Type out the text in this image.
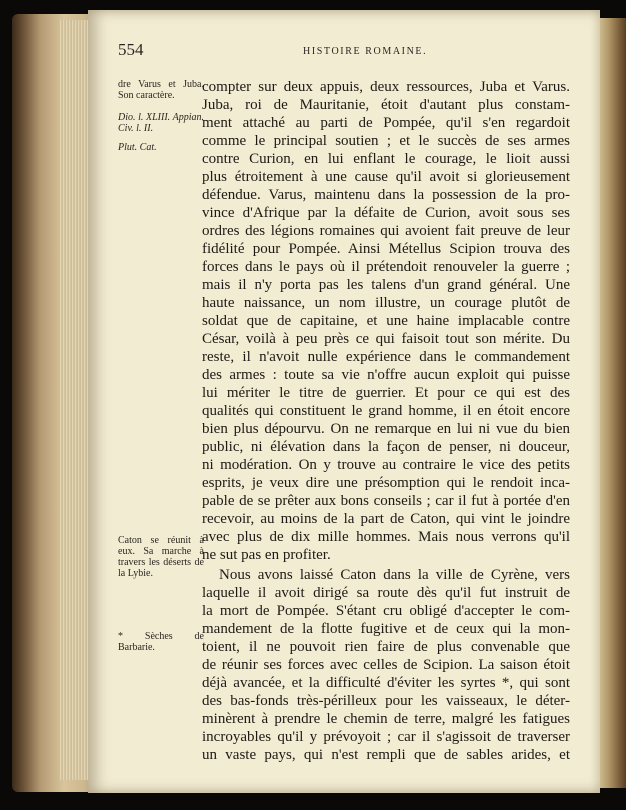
554	HISTOIRE ROMAINE.
dre Varus et Juba. Son caractère.
Dio. l. XLIII. Appian. Civ. l. II.
Plut. Cat.
Caton se réunit à eux. Sa marche à travers les déserts de la Lybie.
* Sèches de Barbarie.
compter sur deux appuis, deux ressources, Juba et Varus.
Juba, roi de Mauritanie, étoit d'autant plus constam-
ment attaché au parti de Pompée, qu'il s'en regardoit
comme le principal soutien ; et le succès de ses armes
contre Curion, en lui enflant le courage, le lioit aussi
plus étroitement à une cause qu'il avoit si glorieusement
défendue. Varus, maintenu dans la possession de la pro-
vince d'Afrique par la défaite de Curion, avoit sous ses
ordres des légions romaines qui avoient fait preuve de leur
fidélité pour Pompée. Ainsi Métellus Scipion trouva des
forces dans le pays où il prétendoit renouveler la guerre ;
mais il n'y porta pas les talens d'un grand général. Une
haute naissance, un nom illustre, un courage plutôt de
soldat que de capitaine, et une haine implacable contre
César, voilà à peu près ce qui faisoit tout son mérite. Du
reste, il n'avoit nulle expérience dans le commandement
des armes : toute sa vie n'offre aucun exploit qui puisse
lui mériter le titre de guerrier. Et pour ce qui est des
qualités qui constituent le grand homme, il en étoit encore
bien plus dépourvu. On ne remarque en lui ni vue du bien
public, ni élévation dans la façon de penser, ni douceur,
ni modération. On y trouve au contraire le vice des petits
esprits, je veux dire une présomption qui le rendoit inca-
pable de se prêter aux bons conseils ; car il fut à portée d'en
recevoir, au moins de la part de Caton, qui vint le joindre
avec plus de dix mille hommes. Mais nous verrons qu'il
ne sut pas en profiter.
Nous avons laissé Caton dans la ville de Cyrène, vers
laquelle il avoit dirigé sa route dès qu'il fut instruit de
la mort de Pompée. S'étant cru obligé d'accepter le com-
mandement de la flotte fugitive et de ceux qui la mon-
toient, il ne pouvoit rien faire de plus convenable que
de réunir ses forces avec celles de Scipion. La saison étoit
déjà avancée, et la difficulté d'éviter les syrtes *, qui sont
des bas-fonds très-périlleux pour les vaisseaux, le déter-
minèrent à prendre le chemin de terre, malgré les fatigues
incroyables qu'il y prévoyoit ; car il s'agissoit de traverser
un vaste pays, qui n'est rempli que de sables arides, et
